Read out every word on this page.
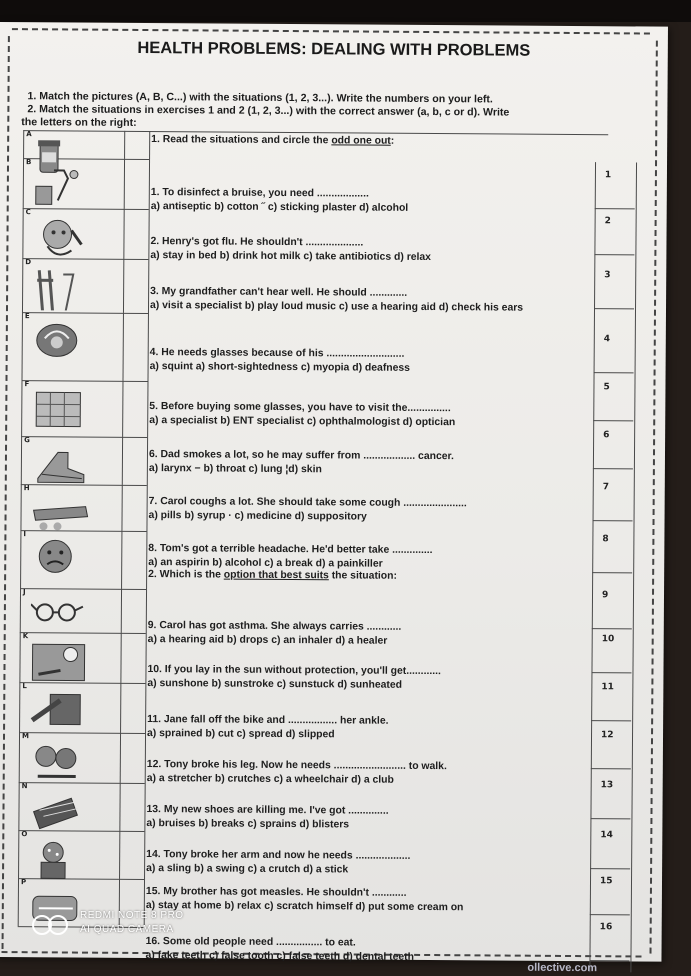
HEALTH PROBLEMS: DEALING WITH PROBLEMS
1. Match the pictures (A, B, C...) with the situations (1, 2, 3...). Write the numbers on your left.
2. Match the situations in exercises 1 and 2 (1, 2, 3...) with the correct answer (a, b, c or d). Write
the letters on the right:
A
B
C
D
E
F
G
H
I
J
K
L
M
N
O
P
1
2
3
4
5
6
7
8
9
10
11
12
13
14
15
16
1. Read the situations and circle the odd one out:
2. Which is the option that best suits the situation:
1. To disinfect a bruise, you need ..................
a) antiseptic b) cotton ˝ c) sticking plaster d) alcohol
2. Henry's got flu. He shouldn't ....................
a) stay in bed b) drink hot milk c) take antibiotics d) relax
3. My grandfather can't hear well. He should .............
a) visit a specialist b) play loud music c) use a hearing aid d) check his ears
4. He needs glasses because of his ...........................
a) squint a) short-sightedness c) myopia d) deafness
5. Before buying some glasses, you have to visit the...............
a) a specialist b) ENT specialist c) ophthalmologist d) optician
6. Dad smokes a lot, so he may suffer from .................. cancer.
a) larynx − b) throat c) lung ¦d) skin
7. Carol coughs a lot. She should take some cough ......................
a) pills b) syrup · c) medicine d) suppository
8. Tom's got a terrible headache. He'd better take ..............
a) an aspirin b) alcohol c) a break d) a painkiller
9. Carol has got asthma. She always carries ............
a) a hearing aid b) drops c) an inhaler d) a healer
10. If you lay in the sun without protection, you'll get............
a) sunshone b) sunstroke c) sunstuck d) sunheated
11. Jane fall off the bike and ................. her ankle.
a) sprained b) cut c) spread d) slipped
12. Tony broke his leg. Now he needs ......................... to walk.
a) a stretcher b) crutches c) a wheelchair d) a club
13. My new shoes are killing me. I've got ..............
a) bruises b) breaks c) sprains d) blisters
14. Tony broke her arm and now he needs ...................
a) a sling b) a swing c) a crutch d) a stick
15. My brother has got measles. He shouldn't ............
a) stay at home b) relax c) scratch himself d) put some cream on
16. Some old people need ................ to eat.
a) fake teeth c) false tooth c) false teeth d) dental teeth
ollective.com
REDMI NOTE 8 PRO
AI QUAD CAMERA
